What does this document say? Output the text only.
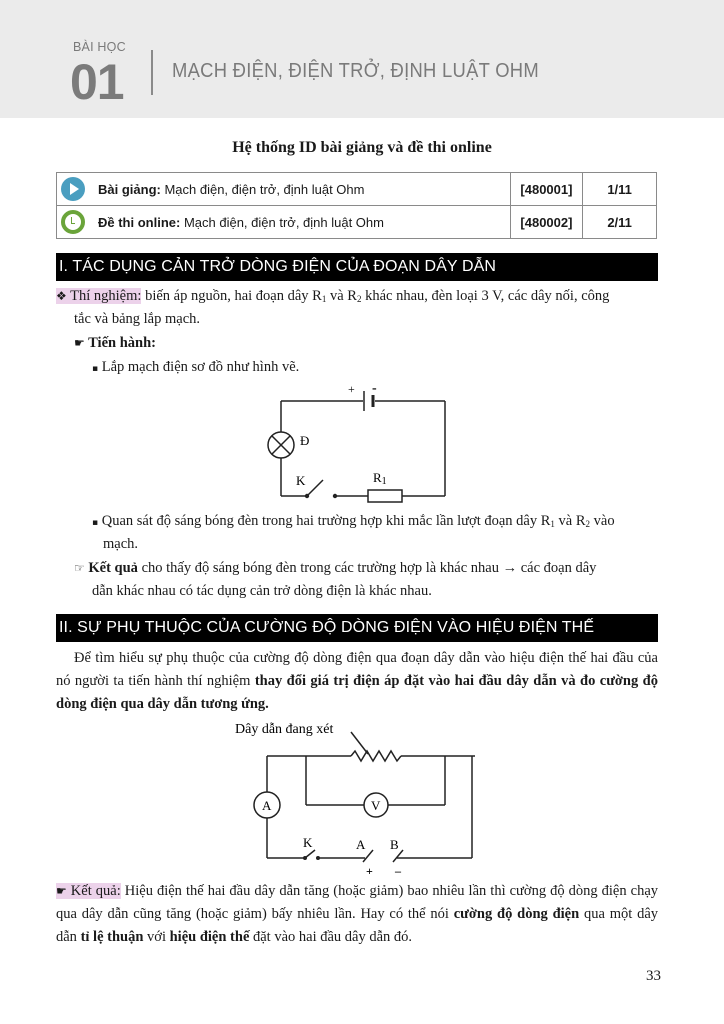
BÀI HỌC
01 MẠCH ĐIỆN, ĐIỆN TRỞ, ĐỊNH LUẬT OHM
Hệ thống ID bài giảng và đề thi online
Bài giảng: Mạch điện, điện trở, định luật Ohm	[480001]	1/11

Đề thi online: Mạch điện, điện trở, định luật Ohm	[480002]	2/11
I. TÁC DỤNG CẢN TRỞ DÒNG ĐIỆN CỦA ĐOẠN DÂY DẪN
❖ Thí nghiệm: biến áp nguồn, hai đoạn dây $R_1$ và $R_2$ khác nhau, đèn loại 3 V, các dây nối, công
tắc và bảng lắp mạch.
☛ Tiến hành:
▪ Lắp mạch điện sơ đồ như hình vẽ.
+ -
Đ
K	R1
▪ Quan sát độ sáng bóng đèn trong hai trường hợp khi mắc lần lượt đoạn dây $R_1$ và $R_2$ vào
mạch.
☞ Kết quả cho thấy độ sáng bóng đèn trong các trường hợp là khác nhau → các đoạn dây
dẫn khác nhau có tác dụng cản trở dòng điện là khác nhau.
II. SỰ PHỤ THUỘC CỦA CƯỜNG ĐỘ DÒNG ĐIỆN VÀO HIỆU ĐIỆN THẾ
Để tìm hiểu sự phụ thuộc của cường độ dòng điện qua đoạn dây dẫn vào hiệu điện thế hai đầu của nó người ta tiến hành thí nghiệm thay đổi giá trị điện áp đặt vào hai đầu dây dẫn và đo cường độ dòng điện qua dây dẫn tương ứng.
Dây dẫn đang xét
A	V
K	A B
+ –
☛ Kết quả: Hiệu điện thế hai đầu dây dẫn tăng (hoặc giảm) bao nhiêu lần thì cường độ dòng điện chạy qua dây dẫn cũng tăng (hoặc giảm) bấy nhiêu lần. Hay có thể nói cường độ dòng điện qua một dây dẫn tỉ lệ thuận với hiệu điện thế đặt vào hai đầu dây dẫn đó.
33
